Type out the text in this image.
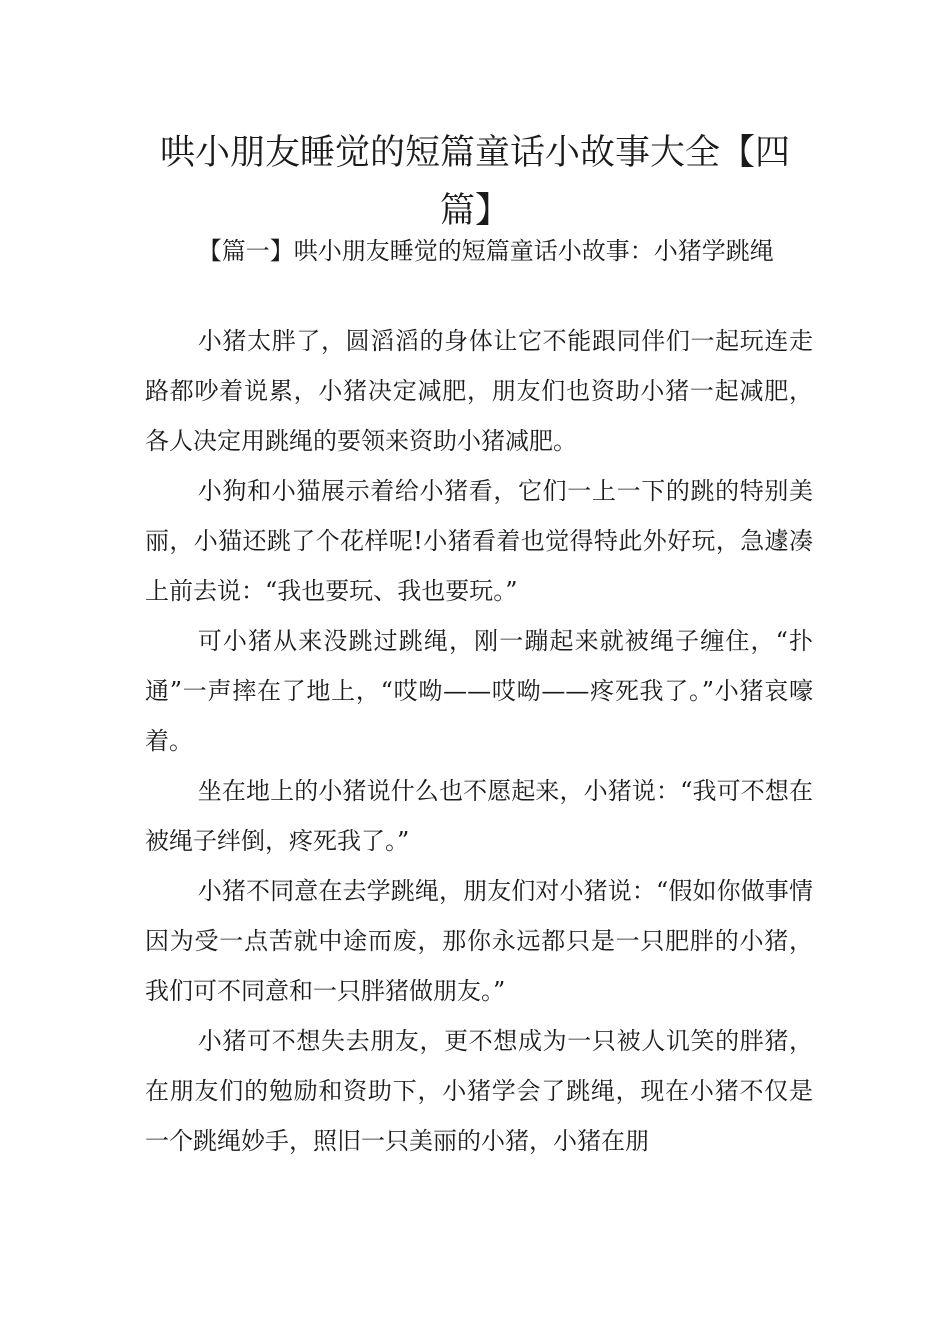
哄小朋友睡觉的短篇童话小故事大全【四篇】

【篇一】哄小朋友睡觉的短篇童话小故事：小猪学跳绳

小猪太胖了，圆滔滔的身体让它不能跟同伴们一起玩连走路都吵着说累，小猪决定减肥，朋友们也资助小猪一起减肥，各人决定用跳绳的要领来资助小猪减肥。

小狗和小猫展示着给小猪看，它们一上一下的跳的特别美丽，小猫还跳了个花样呢!小猪看着也觉得特此外好玩，急遽凑上前去说：“我也要玩、我也要玩。”

可小猪从来没跳过跳绳，刚一蹦起来就被绳子缠住，“扑通”一声摔在了地上，“哎呦——哎呦——疼死我了。”小猪哀嚎着。

坐在地上的小猪说什么也不愿起来，小猪说：“我可不想在被绳子绊倒，疼死我了。”

小猪不同意在去学跳绳，朋友们对小猪说：“假如你做事情因为受一点苦就中途而废，那你永远都只是一只肥胖的小猪，我们可不同意和一只胖猪做朋友。”

小猪可不想失去朋友，更不想成为一只被人讥笑的胖猪，在朋友们的勉励和资助下，小猪学会了跳绳，现在小猪不仅是一个跳绳妙手，照旧一只美丽的小猪，小猪在朋
